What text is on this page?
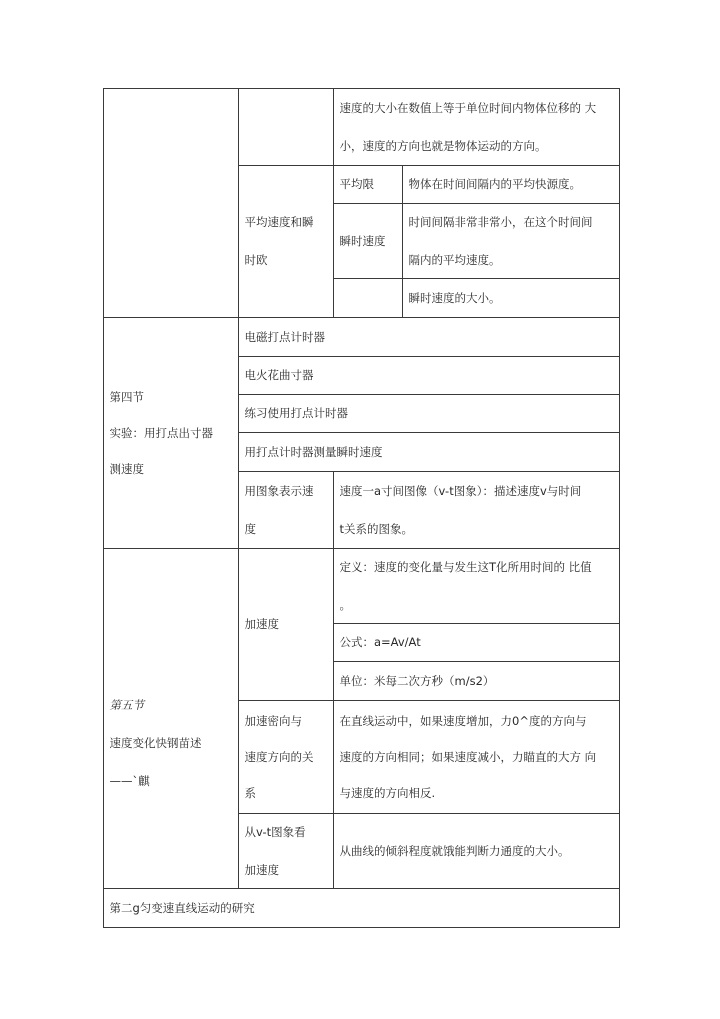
速度的大小在数值上等于单位时间内物体位移的 大
小，速度的方向也就是物体运动的方向。
平均速度和瞬
时欧
平均限	物体在时间间隔内的平均快源度。
瞬时速度
时间间隔非常非常小，在这个时间间
隔内的平均速度。
瞬时速度的大小。
第四节
实验：用打点出寸器
测速度
电磁打点计时器
电火花曲寸器
练习使用打点计时器
用打点计时器测量瞬时速度
用图象表示速
度
速度一a寸间图像（v-t图象）：描述速度v与时间
t关系的图象。
第五节
速度变化快钢苗述
——`麒
加速度
定义：速度的变化量与发生这T化所用时间的 比值
。
公式：a=Av/At
单位：米每二次方秒（m/s2）
加速密向与
速度方向的关
系
在直线运动中，如果速度增加，力0^度的方向与
速度的方向相同；如果速度减小，力瞄直的大方 向
与速度的方向相反.
从v-t图象看
加速度
从曲线的倾斜程度就饿能判断力通度的大小。
第二g匀变速直线运动的研究
